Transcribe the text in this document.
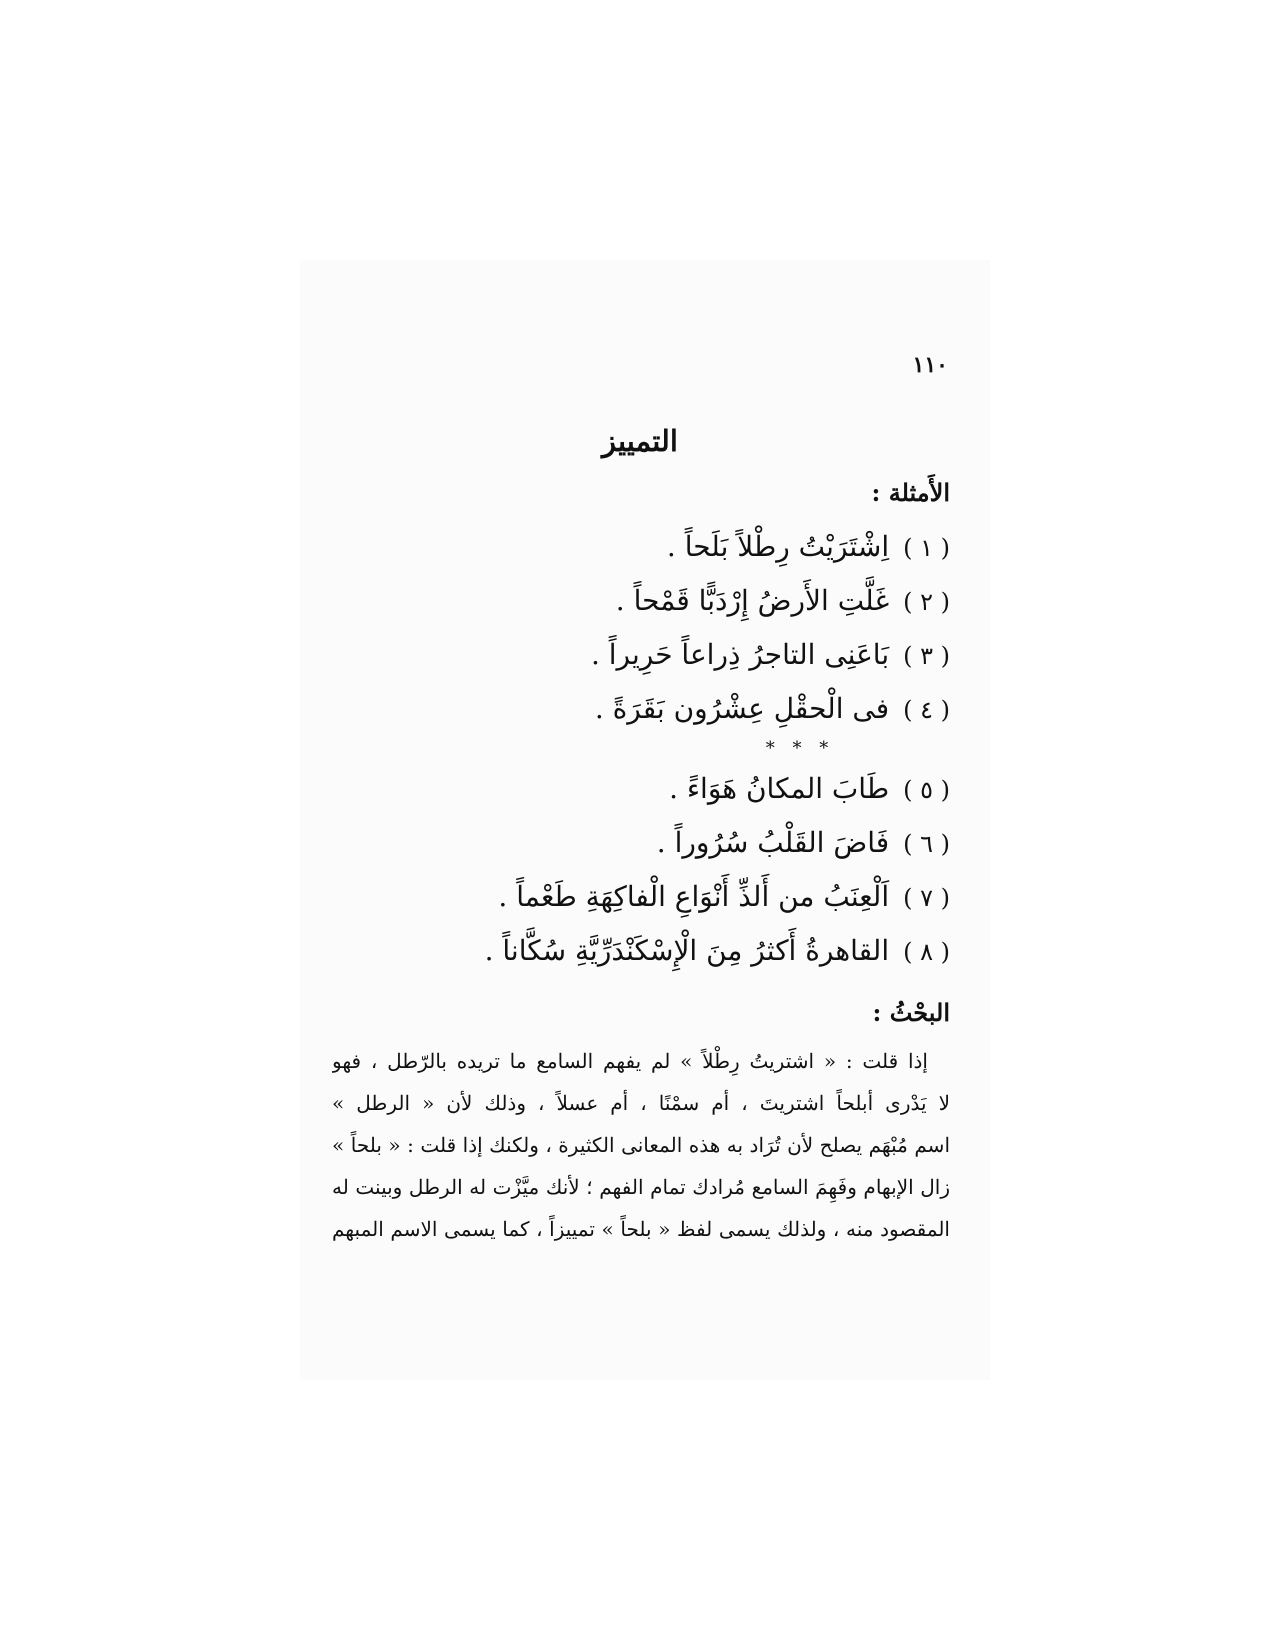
١١٠
التمييز
الأَمثلة :
( ١ )اِشْتَرَيْتُ رِطْلاً بَلَحاً .
( ٢ )غَلَّتِ الأَرضُ إِرْدَبًّا قَمْحاً .
( ٣ )بَاعَنِى التاجرُ ذِراعاً حَرِيراً .
( ٤ )فى الْحقْلِ عِشْرُون بَقَرَةً .
* * *
( ٥ )طَابَ المكانُ هَوَاءً .
( ٦ )فَاضَ القَلْبُ سُرُوراً .
( ٧ )اَلْعِنَبُ من أَلذِّ أَنْوَاعِ الْفاكِهَةِ طَعْماً .
( ٨ )القاهرةُ أَكثرُ مِنَ الْإِسْكَنْدَرِّيَّةِ سُكَّاناً .
البحْثُ :
إذا قلت : « اشتريتُ رِطْلاً » لم يفهم السامع ما تريده بالرّطل ، فهو
لا يَدْرى أبلحاً اشتريتَ ، أم سمْنًا ، أم عسلاً ، وذلك لأن « الرطل »
اسم مُبْهَم يصلح لأن تُرَاد به هذه المعانى الكثيرة ، ولكنك إذا قلت : « بلحاً »
زال الإبهام وفَهِمَ السامع مُرادك تمام الفهم ؛ لأنك ميَّزْت له الرطل وبينت له
المقصود منه ، ولذلك يسمى لفظ « بلحاً » تمييزاً ، كما يسمى الاسم المبهم
